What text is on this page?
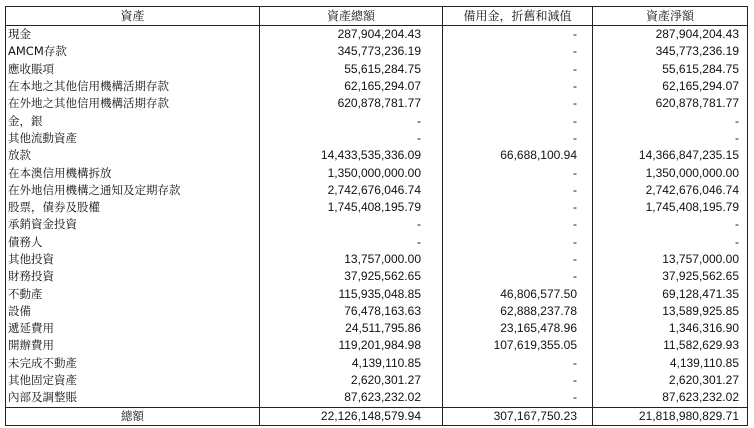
資產	資產總額	備用金，折舊和減值	資產淨額
現金	287,904,204.43	-	287,904,204.43
AMCM存款	345,773,236.19	-	345,773,236.19
應收賬項	55,615,284.75	-	55,615,284.75
在本地之其他信用機構活期存款	62,165,294.07	-	62,165,294.07
在外地之其他信用機構活期存款	620,878,781.77	-	620,878,781.77
金，銀	-	-	-
其他流動資產	-	-	-
放款	14,433,535,336.09	66,688,100.94	14,366,847,235.15
在本澳信用機構拆放	1,350,000,000.00	-	1,350,000,000.00
在外地信用機構之通知及定期存款	2,742,676,046.74	-	2,742,676,046.74
股票，債券及股權	1,745,408,195.79	-	1,745,408,195.79
承銷資金投資	-	-	-
債務人	-	-	-
其他投資	13,757,000.00	-	13,757,000.00
財務投資	37,925,562.65	-	37,925,562.65
不動產	115,935,048.85	46,806,577.50	69,128,471.35
設備	76,478,163.63	62,888,237.78	13,589,925.85
遞延費用	24,511,795.86	23,165,478.96	1,346,316.90
開辦費用	119,201,984.98	107,619,355.05	11,582,629.93
未完成不動產	4,139,110.85	-	4,139,110.85
其他固定資產	2,620,301.27	-	2,620,301.27
內部及調整賬	87,623,232.02	-	87,623,232.02
總額	22,126,148,579.94	307,167,750.23	21,818,980,829.71
